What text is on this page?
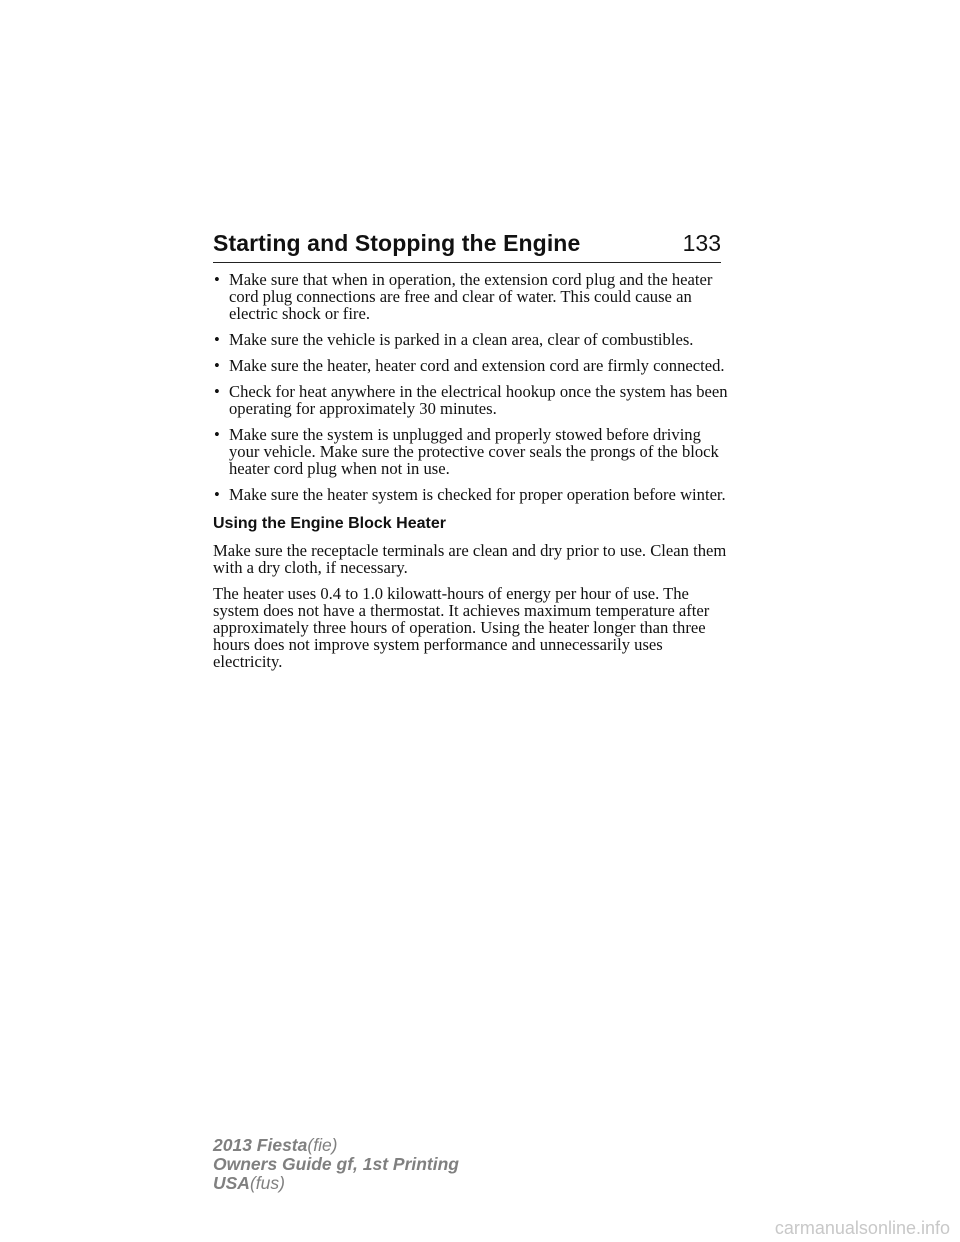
Starting and Stopping the Engine	133
• Make sure that when in operation, the extension cord plug and the heater cord plug connections are free and clear of water. This could cause an electric shock or fire.
• Make sure the vehicle is parked in a clean area, clear of combustibles.
• Make sure the heater, heater cord and extension cord are firmly connected.
• Check for heat anywhere in the electrical hookup once the system has been operating for approximately 30 minutes.
• Make sure the system is unplugged and properly stowed before driving your vehicle. Make sure the protective cover seals the prongs of the block heater cord plug when not in use.
• Make sure the heater system is checked for proper operation before winter.
Using the Engine Block Heater

Make sure the receptacle terminals are clean and dry prior to use. Clean them with a dry cloth, if necessary.

The heater uses 0.4 to 1.0 kilowatt-hours of energy per hour of use. The system does not have a thermostat. It achieves maximum temperature after approximately three hours of operation. Using the heater longer than three hours does not improve system performance and unnecessarily uses electricity.

2013 Fiesta(fie)
Owners Guide gf, 1st Printing
USA(fus)
carmanualsonline.info
